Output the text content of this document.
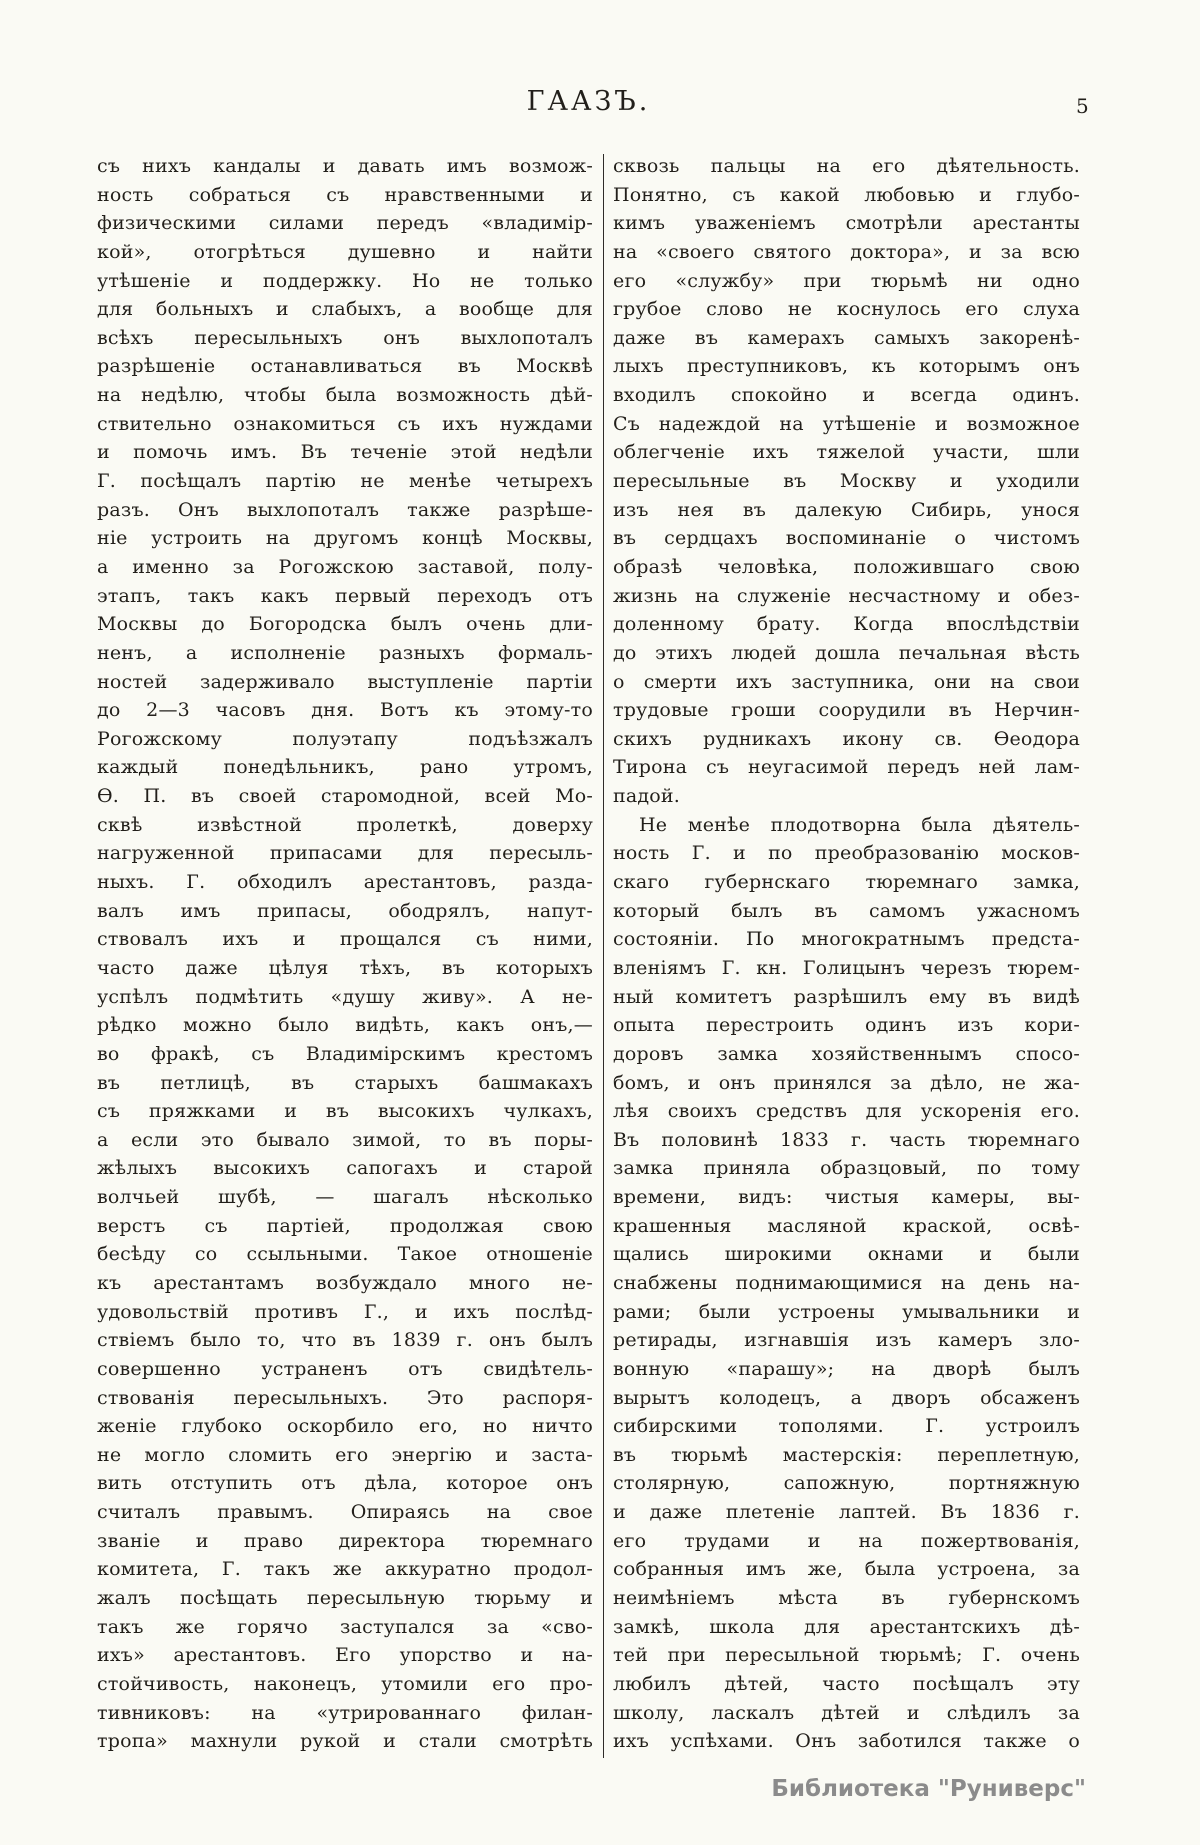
ГААЗЪ.	5
съ нихъ кандалы и давать имъ возмож-
ность собраться съ нравственными и
физическими силами передъ «владимір-
кой», отогрѣться душевно и найти
утѣшеніе и поддержку. Но не только
для больныхъ и слабыхъ, а вообще для
всѣхъ пересыльныхъ онъ выхлопоталъ
разрѣшеніе останавливаться въ Москвѣ
на недѣлю, чтобы была возможность дѣй-
ствительно ознакомиться съ ихъ нуждами
и помочь имъ. Въ теченіе этой недѣли
Г. посѣщалъ партію не менѣе четырехъ
разъ. Онъ выхлопоталъ также разрѣше-
ніе устроить на другомъ концѣ Москвы,
а именно за Рогожскою заставой, полу-
этапъ, такъ какъ первый переходъ отъ
Москвы до Богородска былъ очень дли-
ненъ, а исполненіе разныхъ формаль-
ностей задерживало выступленіе партіи
до 2—3 часовъ дня. Вотъ къ этому-то
Рогожскому полуэтапу подъѣзжалъ
каждый понедѣльникъ, рано утромъ,
Ѳ. П. въ своей старомодной, всей Мо-
сквѣ извѣстной пролеткѣ, доверху
нагруженной припасами для пересыль-
ныхъ. Г. обходилъ арестантовъ, разда-
валъ имъ припасы, ободрялъ, напут-
ствовалъ ихъ и прощался съ ними,
часто даже цѣлуя тѣхъ, въ которыхъ
успѣлъ подмѣтить «душу живу». А не-
рѣдко можно было видѣть, какъ онъ,—
во фракѣ, съ Владимірскимъ крестомъ
въ петлицѣ, въ старыхъ башмакахъ
съ пряжками и въ высокихъ чулкахъ,
а если это бывало зимой, то въ поры-
жѣлыхъ высокихъ сапогахъ и старой
волчьей шубѣ, — шагалъ нѣсколько
верстъ съ партіей, продолжая свою
бесѣду со ссыльными. Такое отношеніе
къ арестантамъ возбуждало много не-
удовольствій противъ Г., и ихъ послѣд-
ствіемъ было то, что въ 1839 г. онъ былъ
совершенно устраненъ отъ свидѣтель-
ствованія пересыльныхъ. Это распоря-
женіе глубоко оскорбило его, но ничто
не могло сломить его энергію и заста-
вить отступить отъ дѣла, которое онъ
считалъ правымъ. Опираясь на свое
званіе и право директора тюремнаго
комитета, Г. такъ же аккуратно продол-
жалъ посѣщать пересыльную тюрьму и
такъ же горячо заступался за «сво-
ихъ» арестантовъ. Его упорство и на-
стойчивость, наконецъ, утомили его про-
тивниковъ: на «утрированнаго филан-
тропа» махнули рукой и стали смотрѣть
сквозь пальцы на его дѣятельность.
Понятно, съ какой любовью и глубо-
кимъ уваженіемъ смотрѣли арестанты
на «своего святого доктора», и за всю
его «службу» при тюрьмѣ ни одно
грубое слово не коснулось его слуха
даже въ камерахъ самыхъ закоренѣ-
лыхъ преступниковъ, къ которымъ онъ
входилъ спокойно и всегда одинъ.
Съ надеждой на утѣшеніе и возможное
облегченіе ихъ тяжелой участи, шли
пересыльные въ Москву и уходили
изъ нея въ далекую Сибирь, унося
въ сердцахъ воспоминаніе о чистомъ
образѣ человѣка, положившаго свою
жизнь на служеніе несчастному и обез-
доленному брату. Когда впослѣдствіи
до этихъ людей дошла печальная вѣсть
о смерти ихъ заступника, они на свои
трудовые гроши соорудили въ Нерчин-
скихъ рудникахъ икону св. Ѳеодора
Тирона съ неугасимой передъ ней лам-
падой.
Не менѣе плодотворна была дѣятель-
ность Г. и по преобразованію москов-
скаго губернскаго тюремнаго замка,
который былъ въ самомъ ужасномъ
состояніи. По многократнымъ предста-
вленіямъ Г. кн. Голицынъ черезъ тюрем-
ный комитетъ разрѣшилъ ему въ видѣ
опыта перестроить одинъ изъ кори-
доровъ замка хозяйственнымъ спосо-
бомъ, и онъ принялся за дѣло, не жа-
лѣя своихъ средствъ для ускоренія его.
Въ половинѣ 1833 г. часть тюремнаго
замка приняла образцовый, по тому
времени, видъ: чистыя камеры, вы-
крашенныя масляной краской, освѣ-
щались широкими окнами и были
снабжены поднимающимися на день на-
рами; были устроены умывальники и
ретирады, изгнавшія изъ камеръ зло-
вонную «парашу»; на дворѣ былъ
вырытъ колодецъ, а дворъ обсаженъ
сибирскими тополями. Г. устроилъ
въ тюрьмѣ мастерскія: переплетную,
столярную, сапожную, портняжную
и даже плетеніе лаптей. Въ 1836 г.
его трудами и на пожертвованія,
собранныя имъ же, была устроена, за
неимѣніемъ мѣста въ губернскомъ
замкѣ, школа для арестантскихъ дѣ-
тей при пересыльной тюрьмѣ; Г. очень
любилъ дѣтей, часто посѣщалъ эту
школу, ласкалъ дѣтей и слѣдилъ за
ихъ успѣхами. Онъ заботился также о
Библиотека "Руниверс"
